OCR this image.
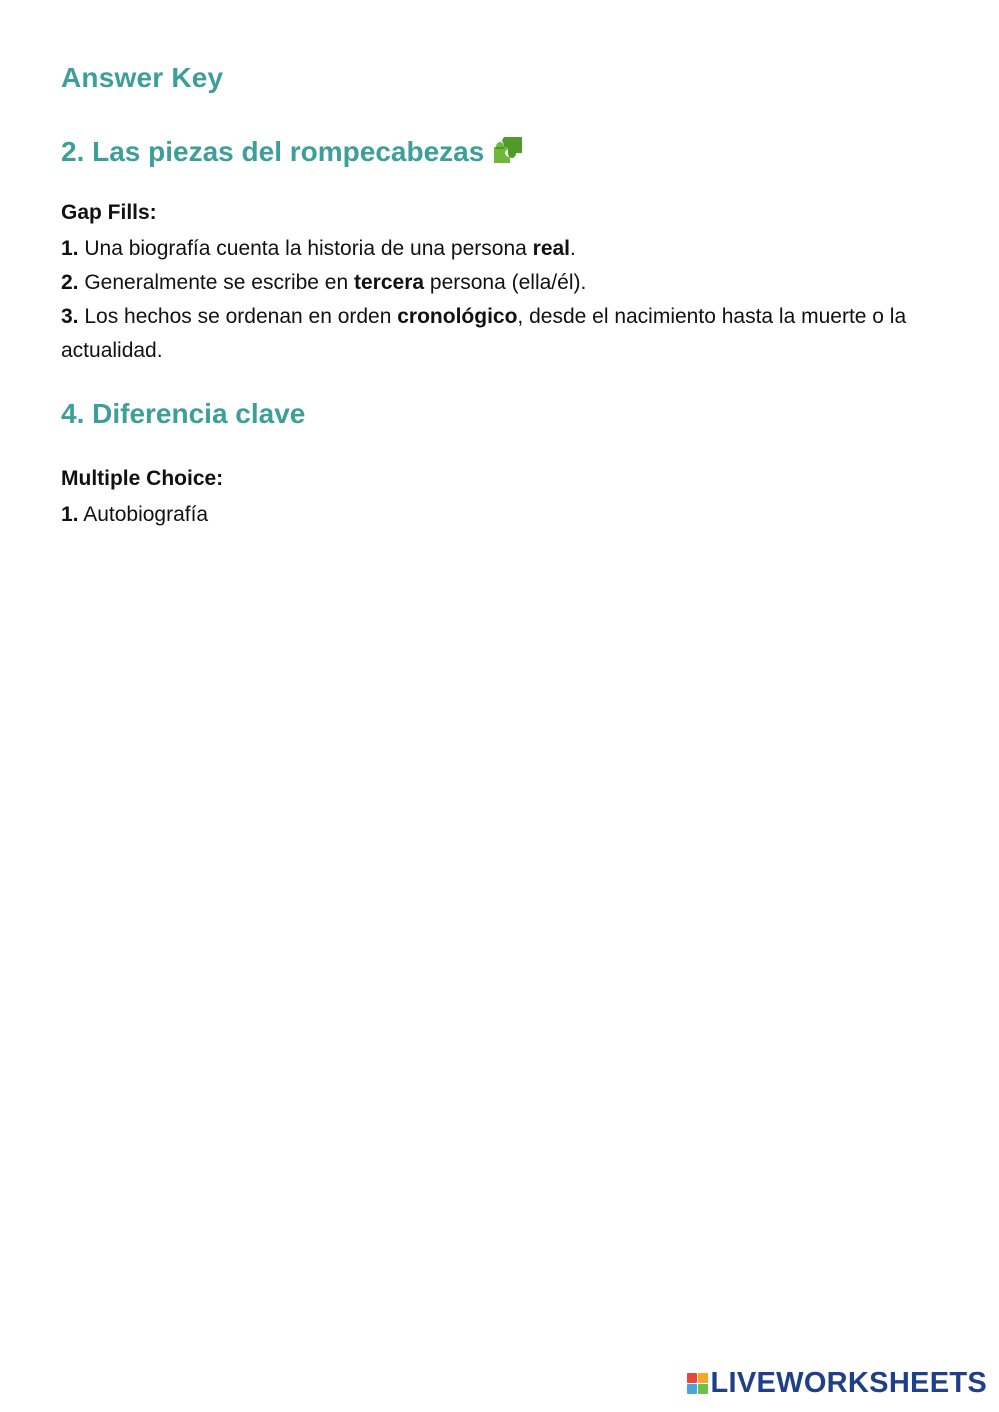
Answer Key
2. Las piezas del rompecabezas

Gap Fills:

1. Una biografía cuenta la historia de una persona real.

2. Generalmente se escribe en tercera persona (ella/él).

3. Los hechos se ordenan en orden cronológico, desde el nacimiento hasta la muerte o la actualidad.

4. Diferencia clave

Multiple Choice:

1. Autobiografía

LIVEWORKSHEETS
